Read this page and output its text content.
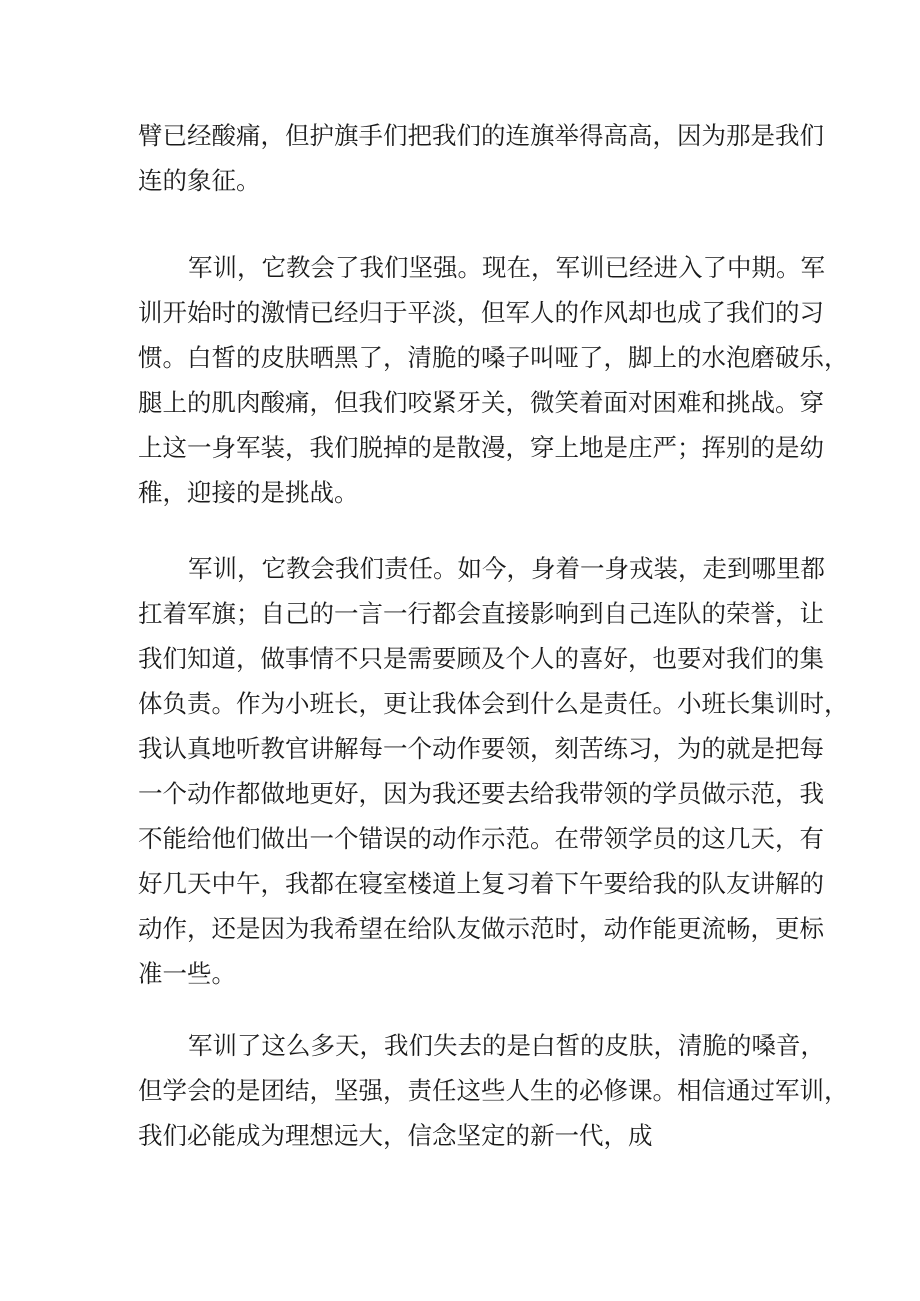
臂已经酸痛，但护旗手们把我们的连旗举得高高，因为那是我们
连的象征。
军训，它教会了我们坚强。现在，军训已经进入了中期。军
训开始时的激情已经归于平淡，但军人的作风却也成了我们的习
惯。白皙的皮肤晒黑了，清脆的嗓子叫哑了，脚上的水泡磨破乐，
腿上的肌肉酸痛，但我们咬紧牙关，微笑着面对困难和挑战。穿
上这一身军装，我们脱掉的是散漫，穿上地是庄严；挥别的是幼
稚，迎接的是挑战。
军训，它教会我们责任。如今，身着一身戎装，走到哪里都
扛着军旗；自己的一言一行都会直接影响到自己连队的荣誉，让
我们知道，做事情不只是需要顾及个人的喜好，也要对我们的集
体负责。作为小班长，更让我体会到什么是责任。小班长集训时，
我认真地听教官讲解每一个动作要领，刻苦练习，为的就是把每
一个动作都做地更好，因为我还要去给我带领的学员做示范，我
不能给他们做出一个错误的动作示范。在带领学员的这几天，有
好几天中午，我都在寝室楼道上复习着下午要给我的队友讲解的
动作，还是因为我希望在给队友做示范时，动作能更流畅，更标
准一些。
军训了这么多天，我们失去的是白皙的皮肤，清脆的嗓音，
但学会的是团结，坚强，责任这些人生的必修课。相信通过军训，
我们必能成为理想远大，信念坚定的新一代，成
